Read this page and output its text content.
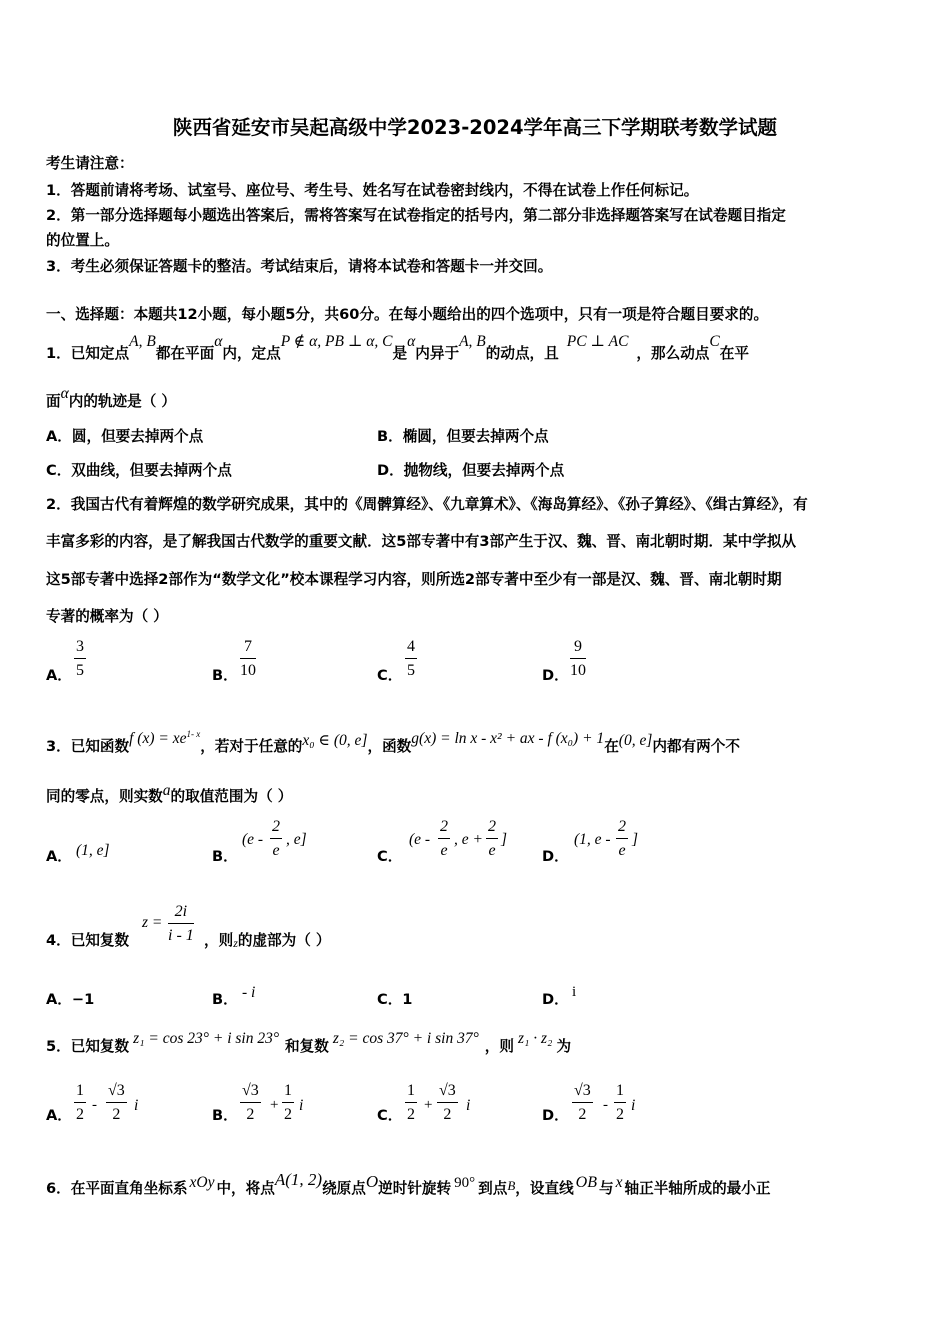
陕西省延安市吴起高级中学2023-2024学年高三下学期联考数学试题
考生请注意：
1．答题前请将考场、试室号、座位号、考生号、姓名写在试卷密封线内，不得在试卷上作任何标记。
2．第一部分选择题每小题选出答案后，需将答案写在试卷指定的括号内，第二部分非选择题答案写在试卷题目指定
的位置上。
3．考生必须保证答题卡的整洁。考试结束后，请将本试卷和答题卡一并交回。
一、选择题：本题共12小题，每小题5分，共60分。在每小题给出的四个选项中，只有一项是符合题目要求的。
1．已知定点A, B都在平面α内，定点P ∉ α, PB ⊥ α, C是α内异于A, B的动点，且PC ⊥ AC，那么动点C在平
面α内的轨迹是（ ）
A．圆，但要去掉两个点	B．椭圆，但要去掉两个点
C．双曲线，但要去掉两个点	D．抛物线，但要去掉两个点
2．我国古代有着辉煌的数学研究成果，其中的《周髀算经》、《九章算术》、《海岛算经》、《孙子算经》、《缉古算经》，有
丰富多彩的内容，是了解我国古代数学的重要文献．这5部专著中有3部产生于汉、魏、晋、南北朝时期．某中学拟从
这5部专著中选择2部作为“数学文化”校本课程学习内容，则所选2部专著中至少有一部是汉、魏、晋、南北朝时期
专著的概率为（ ）
A． $\frac{3}{5}$	B． $\frac{7}{10}$	C． $\frac{4}{5}$	D． $\frac{9}{10}$
3．已知函数f $(x) = xe^{1- x}$，若对于任意的x₀ ∈ (0, e]，函数g(x) = ln x - x² + ax - f (x₀) + 1在(0, e]内都有两个不
同的零点，则实数a的取值范围为（ ）
A． (1, e]	B．
($e - \frac{2}{e}$ , e]
C．
($e - \frac{2}{e}$ , $e + \frac{2}{e}$ ]
D．
(1, e - $\frac{2}{e}$ ]
4．已知复数
$z = \frac{2i}{i - 1}$ ，则z的虚部为（ ）
A．−1	B． - i	C．1	D． i
5．已知复数 z₁ = cos 23° + i sin 23° 和复数 z₂ = cos 37° + i sin 37° ，则 z₁ · z₂ 为
A． $\frac{1}{2} - \frac{√3}{2}$ i
B． $\frac{√3}{2} + \frac{1}{2}$ i
C． $\frac{1}{2} + \frac{√3}{2}$ i
D． $\frac{√3}{2} - \frac{1}{2}$ i
6．在平面直角坐标系 xOy 中，将点A(1, 2)绕原点O逆时针旋转 90° 到点B，设直线 OB 与 x 轴正半轴所成的最小正
